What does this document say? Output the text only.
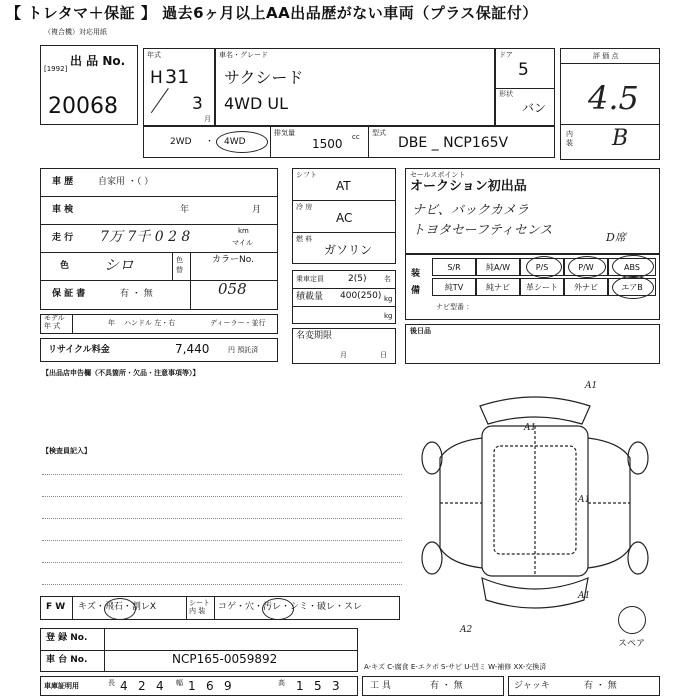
【 トレタマ＋保証 】 過去6ヶ月以上AA出品歴がない車両（プラス保証付）
（複合機）対応用紙
出 品 No.
[1992]
20068
年式
H 31
3
月
車名・グレード
サクシード
4WD UL
ドア
5
形状
バン
評 価 点
4.5
内
装 B
2WD ・ 4WD
排気量
1500 cc 型式
DBE _ NCP165V
車 歴	自家用 ・（ ）
車 検	年	月
走 行 7万 7千 0 2 8	km
マイル
色 シロ	色
替
カラーNo.
058
保 証 書	有 ・ 無
モデル
年 式	年 ハンドル 左・右	ディーラー・並行
リサイクル料金	7,440	円 預託済
シフト
AT
冷 房
AC
燃 料
ガソリン
乗車定員	2(5)	名
積載量 400(250) kg
kg
名変期限
月	日
セールスポイント
オークション初出品
ナビ、バックカメラ
トヨタセーフティセンス	D席
装
備
S/R	純A/W	P/S	P/W	ABS
純TV	純ナビ	革シート	外ナビ	エアB
ナビ型番 ：
後日品
【出品店申告欄（不具箇所・欠品・注意事項等）】
【検査員記入】
A1
A1
A1
A1
A2
F W キズ・飛石・割レX	シート
内 装	コゲ・穴・汚レ・シミ・破レ・スレ
スペア
登 録 No.
車 台 No.	NCP165-0059892
A-キズ C-腐食 E-エクボ S-サビ U-凹ミ W-補修 XX-交換済
車庫証明用	長 4 2 4 幅 1 6 9	高 1 5 3	工 具	有 ・ 無	ジャッキ	有 ・ 無
